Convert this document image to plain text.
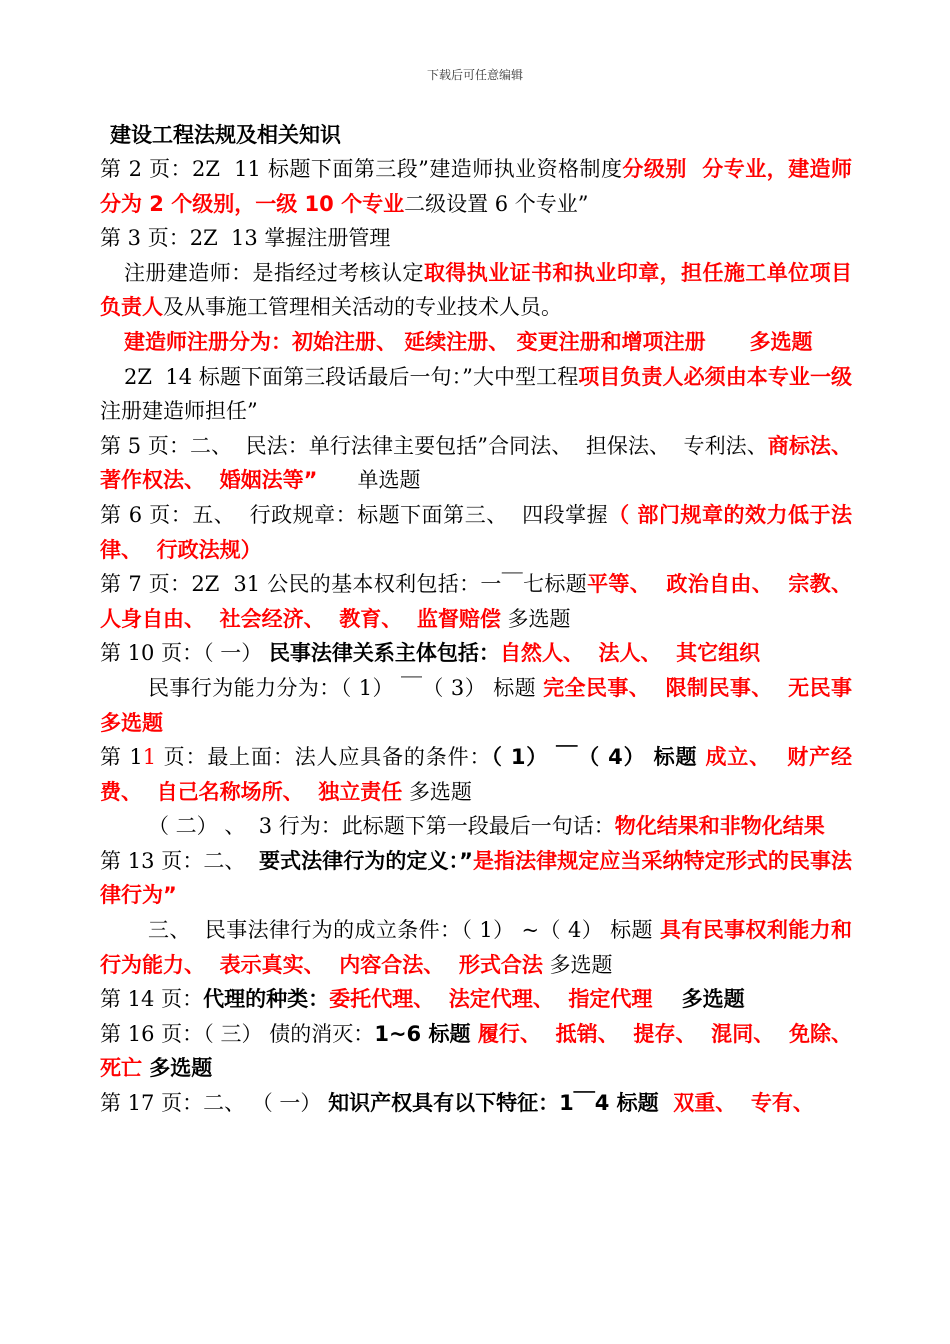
下载后可任意编辑
建设工程法规及相关知识

第 2 页：2Z  11 标题下面第三段”建造师执业资格制度分级别  分专业，建造师分为 2 个级别，一级 10 个专业二级设置 6 个专业”

第 3 页：2Z  13 掌握注册管理

注册建造师：是指经过考核认定取得执业证书和执业印章，担任施工单位项目负责人及从事施工管理相关活动的专业技术人员。

建造师注册分为：初始注册、 延续注册、 变更注册和增项注册      多选题

2Z  14 标题下面第三段话最后一句：”大中型工程项目负责人必须由本专业一级注册建造师担任”

第 5 页：二、  民法：单行法律主要包括”合同法、  担保法、  专利法、商标法、  著作权法、  婚姻法等”      单选题

第 6 页：五、  行政规章：标题下面第三、  四段掌握（ 部门规章的效力低于法律、  行政法规）

第 7 页：2Z  31 公民的基本权利包括：一￣七标题平等、  政治自由、  宗教、  人身自由、  社会经济、  教育、  监督赔偿 多选题

第 10 页：（ 一） 民事法律关系主体包括：自然人、  法人、  其它组织

民事行为能力分为：（ 1） ￣（ 3） 标题 完全民事、  限制民事、  无民事  多选题

第 11 页：最上面：法人应具备的条件：（ 1） ￣（ 4） 标题 成立、  财产经费、  自己名称场所、  独立责任 多选题

（ 二） 、  3 行为：此标题下第一段最后一句话：物化结果和非物化结果

第 13 页：二、  要式法律行为的定义：”是指法律规定应当采纳特定形式的民事法律行为”

三、  民事法律行为的成立条件：（ 1） ~（ 4） 标题 具有民事权利能力和行为能力、  表示真实、  内容合法、  形式合法 多选题

第 14 页：代理的种类：委托代理、  法定代理、  指定代理    多选题

第 16 页：（ 三） 债的消灭：1~6 标题 履行、  抵销、  提存、  混同、  免除、  死亡 多选题

第 17 页：二、 （ 一） 知识产权具有以下特征：1￣4 标题  双重、  专有、
